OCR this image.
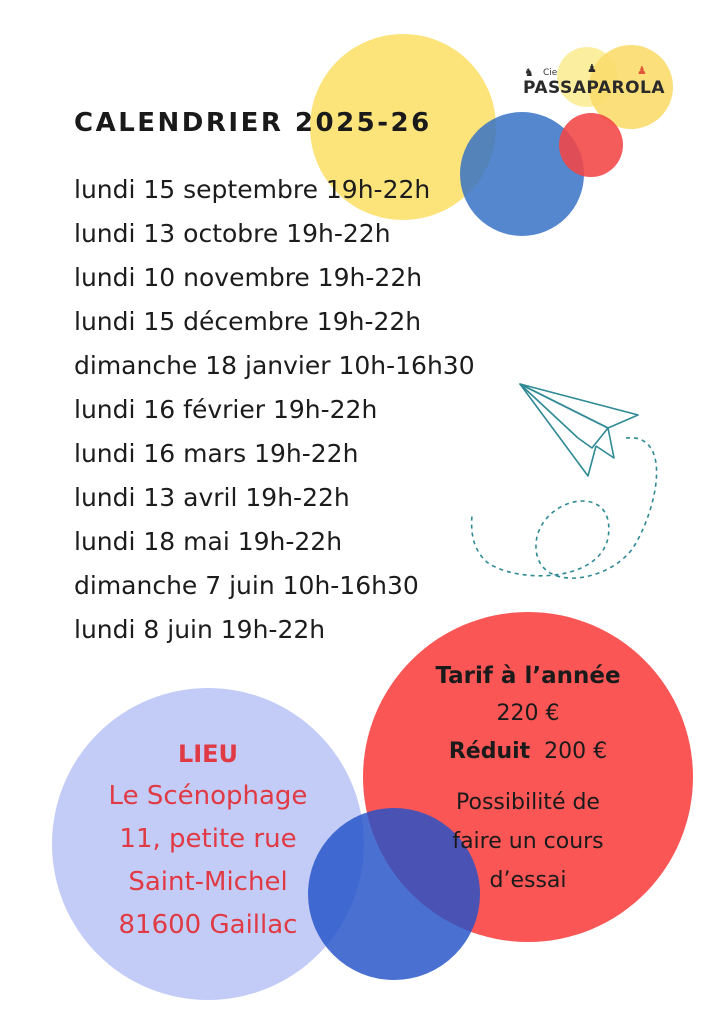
♞ Cie	♟	♟
PASSAPAROLA
CALENDRIER 2025-26
lundi 15 septembre 19h-22h
lundi 13 octobre 19h-22h
lundi 10 novembre 19h-22h
lundi 15 décembre 19h-22h
dimanche 18 janvier 10h-16h30
lundi 16 février 19h-22h
lundi 16 mars 19h-22h
lundi 13 avril 19h-22h
lundi 18 mai 19h-22h
dimanche 7 juin 10h-16h30
lundi 8 juin 19h-22h
Tarif à l’année
220 €
Réduit 200 €
Possibilité de
faire un cours
d’essai
LIEU
Le Scénophage
11, petite rue
Saint-Michel
81600 Gaillac
